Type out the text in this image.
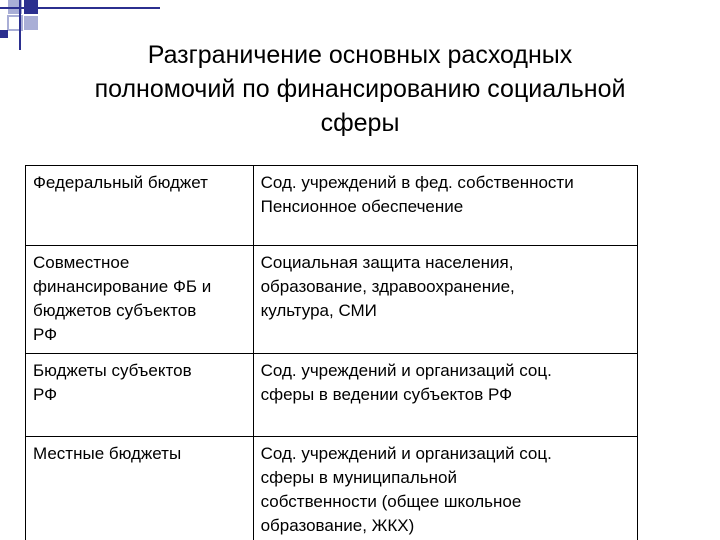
Разграничение основных расходных
полномочий по финансированию социальной
сферы
Федеральный бюджет	Сод. учреждений в фед. собственности
Пенсионное обеспечение

Совместное
финансирование ФБ и
бюджетов субъектов
РФ	Социальная защита населения,
образование, здравоохранение,
культура, СМИ

Бюджеты субъектов
РФ	Сод. учреждений и организаций соц.
сферы в ведении субъектов РФ

Местные бюджеты	Сод. учреждений и организаций соц.
сферы в муниципальной
собственности (общее школьное
образование, ЖКХ)
